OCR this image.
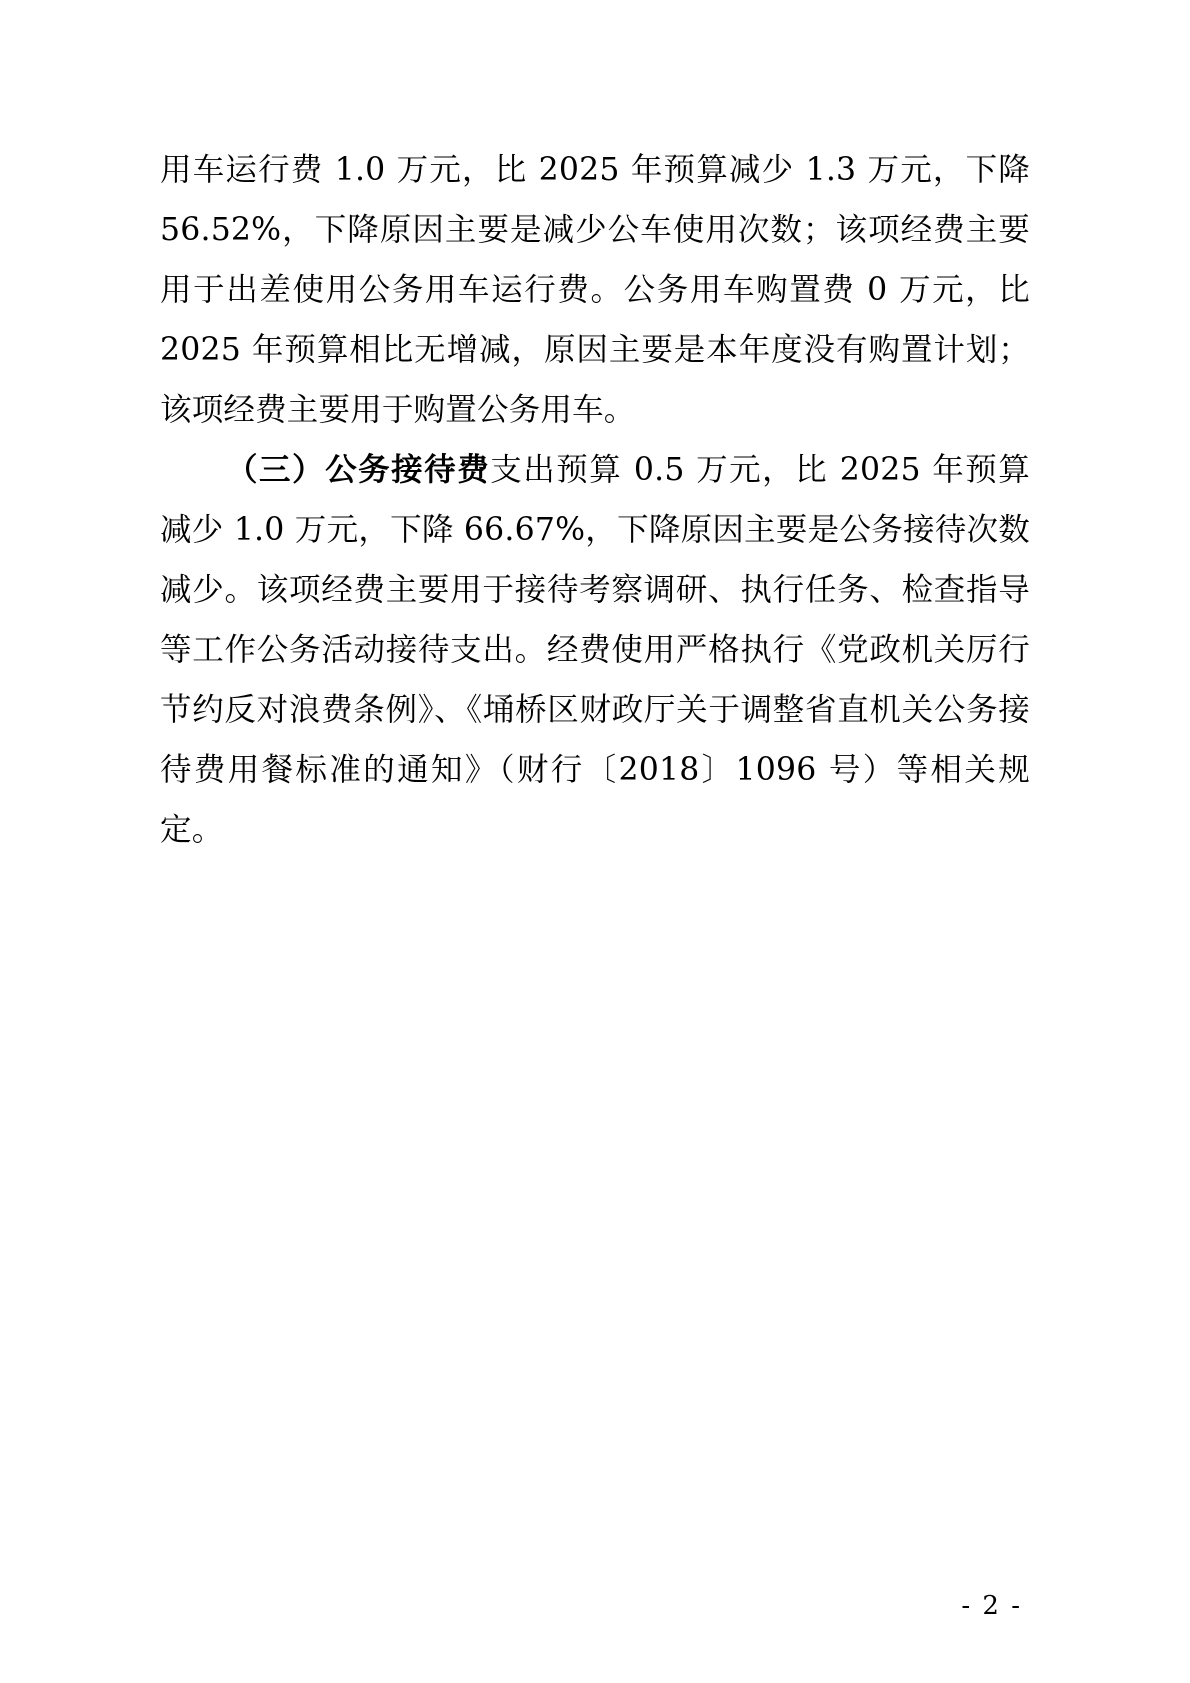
用车运行费 1.0 万元，比 2025 年预算减少 1.3 万元，下降 56.52%，下降原因主要是减少公车使用次数；该项经费主要用于出差使用公务用车运行费。公务用车购置费 0 万元，比 2025 年预算相比无增减，原因主要是本年度没有购置计划；该项经费主要用于购置公务用车。

（三）公务接待费支出预算 0.5 万元，比 2025 年预算减少 1.0 万元，下降 66.67%，下降原因主要是公务接待次数减少。该项经费主要用于接待考察调研、执行任务、检查指导等工作公务活动接待支出。经费使用严格执行《党政机关厉行节约反对浪费条例》、《埇桥区财政厅关于调整省直机关公务接待费用餐标准的通知》（财行〔2018〕1096 号）等相关规定。

- 2 -
